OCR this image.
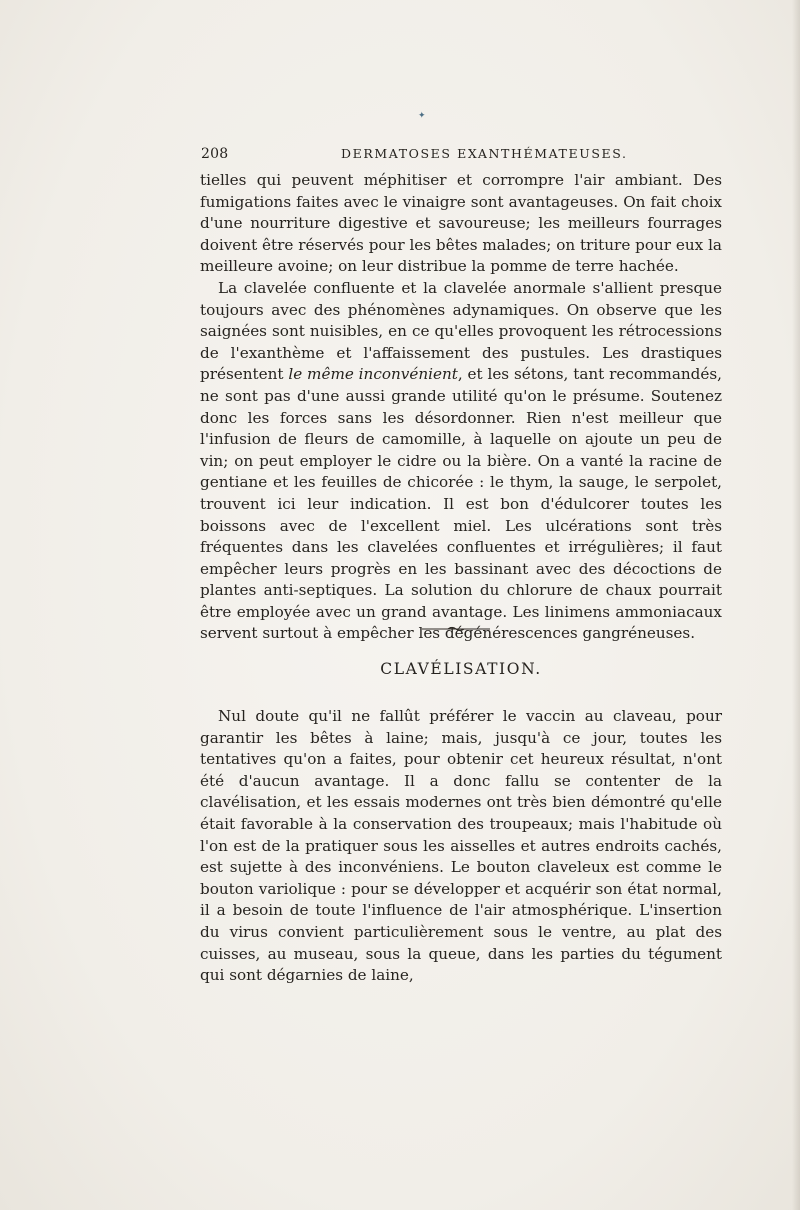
✦
208	DERMATOSES EXANTHÉMATEUSES.

tielles qui peuvent méphitiser et corrompre l'air ambiant. Des fumigations faites avec le vinaigre sont avantageuses. On fait choix d'une nourriture digestive et savoureuse; les meilleurs fourrages doivent être réservés pour les bêtes malades; on triture pour eux la meilleure avoine; on leur distribue la pomme de terre hachée.

La clavelée confluente et la clavelée anormale s'allient presque toujours avec des phénomènes adynamiques. On observe que les saignées sont nuisibles, en ce qu'elles provoquent les rétrocessions de l'exanthème et l'affaissement des pustules. Les drastiques présentent le même inconvénient, et les sétons, tant recommandés, ne sont pas d'une aussi grande utilité qu'on le présume. Soutenez donc les forces sans les désordonner. Rien n'est meilleur que l'infusion de fleurs de camomille, à laquelle on ajoute un peu de vin; on peut employer le cidre ou la bière. On a vanté la racine de gentiane et les feuilles de chicorée : le thym, la sauge, le serpolet, trouvent ici leur indication. Il est bon d'édulcorer toutes les boissons avec de l'excellent miel. Les ulcérations sont très fréquentes dans les clavelées confluentes et irrégulières; il faut empêcher leurs progrès en les bassinant avec des décoctions de plantes anti-septiques. La solution du chlorure de chaux pourrait être employée avec un grand avantage. Les linimens ammoniacaux servent surtout à empêcher les dégénérescences gangréneuses.

CLAVÉLISATION.

Nul doute qu'il ne fallût préférer le vaccin au claveau, pour garantir les bêtes à laine; mais, jusqu'à ce jour, toutes les tentatives qu'on a faites, pour obtenir cet heureux résultat, n'ont été d'aucun avantage. Il a donc fallu se contenter de la clavélisation, et les essais modernes ont très bien démontré qu'elle était favorable à la conservation des troupeaux; mais l'habitude où l'on est de la pratiquer sous les aisselles et autres endroits cachés, est sujette à des inconvéniens. Le bouton claveleux est comme le bouton variolique : pour se développer et acquérir son état normal, il a besoin de toute l'influence de l'air atmosphérique. L'insertion du virus convient particulièrement sous le ventre, au plat des cuisses, au museau, sous la queue, dans les parties du tégument qui sont dégarnies de laine,
